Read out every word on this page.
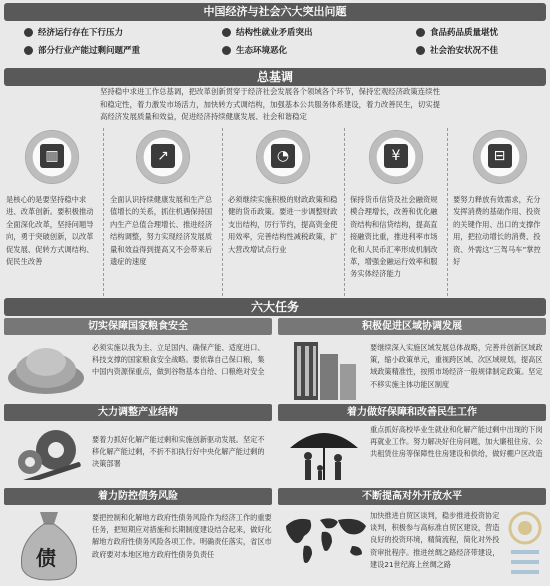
中国经济与社会六大突出问题
经济运行存在下行压力	结构性就业矛盾突出	食品药品质量堪忧
部分行业产能过剩问题严重	生态环境恶化	社会治安状况不佳
总基调
坚持稳中求进工作总基调，把改革创新贯穿于经济社会发展各个领域各个环节，保持宏观经济政策连续性和稳定性，着力激发市场活力，加快转方式调结构，加强基本公共服务体系建设，着力改善民生，切实提高经济发展质量和效益，促进经济持续健康发展、社会和谐稳定
▥
是核心的是要坚持稳中求进、改革创新。要积极推动全面深化改革，坚持问题导向，勇于突破创新，以改革促发展、促转方式调结构、促民生改善
↗
全面认识持续健康发展和生产总值增长的关系，抓住机遇保持国内生产总值合理增长、推进经济结构调整，努力实现经济发展质量和效益得到提高又不会带来后遗症的速度
◔
必须继续实施积极的财政政策和稳健的货币政策。要进一步调整财政支出结构，厉行节约，提高资金使用效率，完善结构性减税政策，扩大营改增试点行业
¥
保持货币信贷及社会融资规模合理增长，改善和优化融资结构和信贷结构，提高直接融资比重，推进利率市场化和人民币汇率形成机制改革，增强金融运行效率和服务实体经济能力
⊟
要努力释放有效需求，充分发挥消费的基础作用、投资的关键作用、出口的支撑作用，把拉动增长的消费、投资、外需这“三驾马车”掌控好
六大任务
切实保障国家粮食安全
必须实施以我为主、立足国内、确保产能、适度进口、科技支撑的国家粮食安全战略。要依靠自己保口粮，集中国内资源保重点，做到谷物基本自给、口粮绝对安全
积极促进区域协调发展
要继续深入实施区域发展总体战略，完善并创新区域政策，缩小政策单元，重视跨区域、次区域规划，提高区域政策精准性，按照市场经济一般规律制定政策。坚定不移实施主体功能区制度
大力调整产业结构
要着力抓好化解产能过剩和实施创新驱动发展。坚定不移化解产能过剩，不折不扣执行好中央化解产能过剩的决策部署
着力做好保障和改善民生工作
重点抓好高校毕业生就业和化解产能过剩中出现的下岗再就业工作。努力解决好住房问题，加大廉租住房、公共租赁住房等保障性住房建设和供给，做好棚户区改造
着力防控债务风险
债
要把控制和化解地方政府性债务风险作为经济工作的重要任务，把短期应对措施和长期制度建设结合起来，做好化解地方政府性债务风险各项工作。明确责任落实，省区市政府要对本地区地方政府性债务负责任
不断提高对外开放水平
加快推进自贸区谈判，稳步推进投资协定谈判，积极参与高标准自贸区建设，营造良好的投资环境，精简流程，简化对外投资审批程序。推进丝绸之路经济带建设，建设21世纪海上丝绸之路
